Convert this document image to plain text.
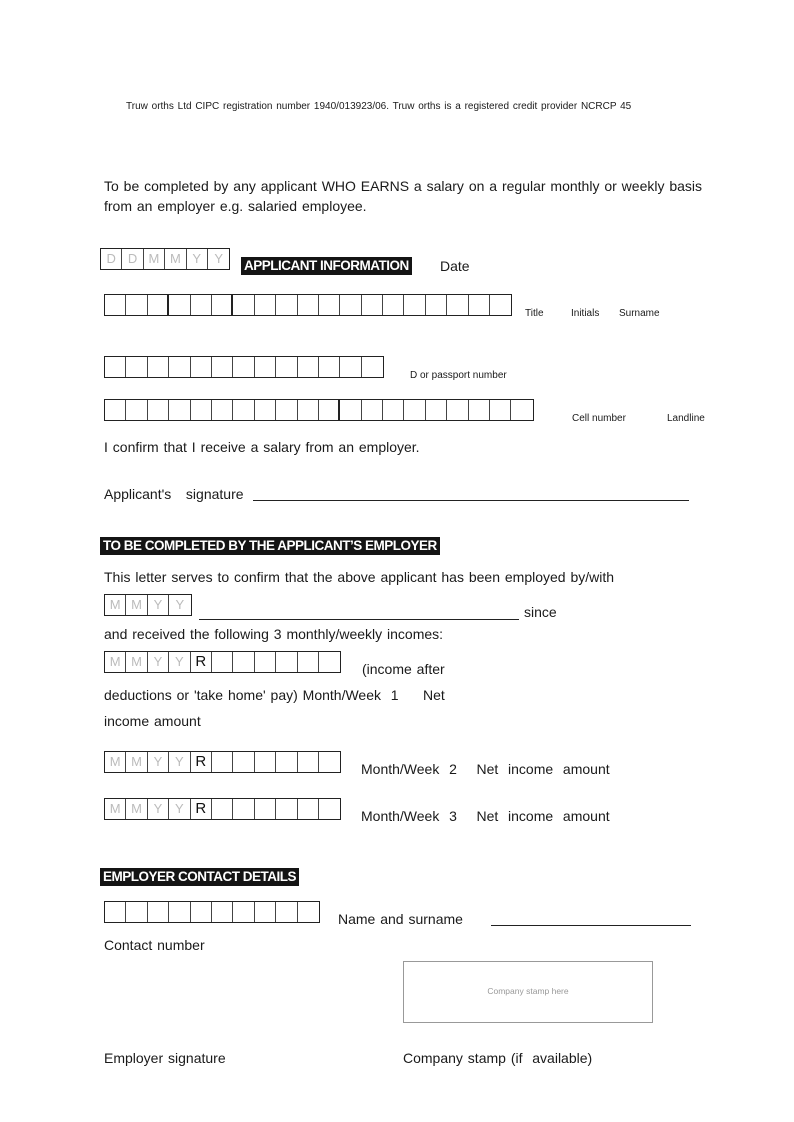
Truw orths Ltd CIPC registration number 1940/013923/06. Truw orths is a registered credit provider NCRCP 45
To be completed by any applicant WHO EARNS a salary on a regular monthly or weekly basis from an employer e.g. salaried employee.
D D M M Y	Y	APPLICANT INFORMATION Date
Title	Initials Surname
D or passport number
Cell number	Landline
I confirm that I receive a salary from an employer.
Applicant's   signature
TO BE COMPLETED BY THE APPLICANT’S EMPLOYER
This letter serves to confirm that the above applicant has been employed by/with
M M Y	Y	since
and received the following 3 monthly/weekly incomes:
M M Y Y R	(income after
deductions or 'take home' pay) Month/Week  1     Net
income amount
M M Y Y R	Month/Week  2    Net  income  amount
M M Y Y R	Month/Week  3    Net  income  amount
EMPLOYER CONTACT DETAILS
Name and surname
Contact number
Company stamp here
Employer signature	Company stamp (if  available)
